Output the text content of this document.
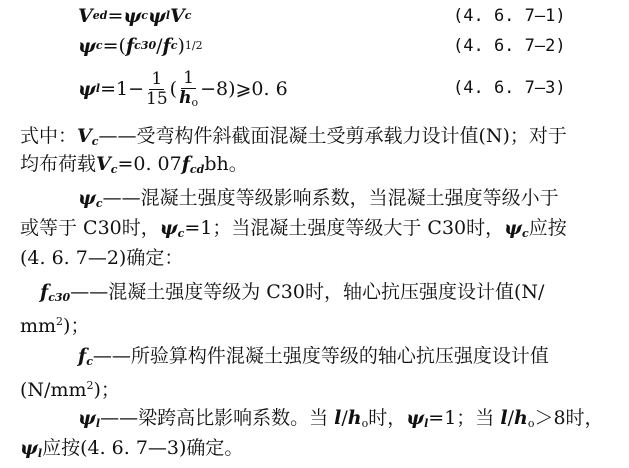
V ed = ψ c ψ l V c	(4. 6. 7—1)
ψ c =( f c30 / f c ) 1/2	(4. 6. 7—2)
ψ $l =1- \frac{1}{15}$ ( $\frac{1}{h_o}$ −8)⩾0. 6	(4. 6. 7—3)
式中：$V_c——$受弯构件斜截面混凝土受剪承载力设计值(N)；对于
均布荷载$V_c=0$. $07f_{cd}bh$。
$\psi_c——$混凝土强度等级影响系数，当混凝土强度等级小于
或等于 C30时，$\psi_c=1$；当混凝土强度等级大于 C30时，$\psi_c$应按
(4. 6. 7—2)确定：
$f_{c30}——$混凝土强度等级为 C30时，轴心抗压强度设计值(N/
$mm^2$)；
$f_c——$所验算构件混凝土强度等级的轴心抗压强度设计值
$(N/mm^2)$；
$\psi_l——$梁跨高比影响系数。当 $l/h_o$时，$\psi_l=1$；当 $l/h_o>8$时，
$\psi_l$应按(4. 6. 7—3)确定。
